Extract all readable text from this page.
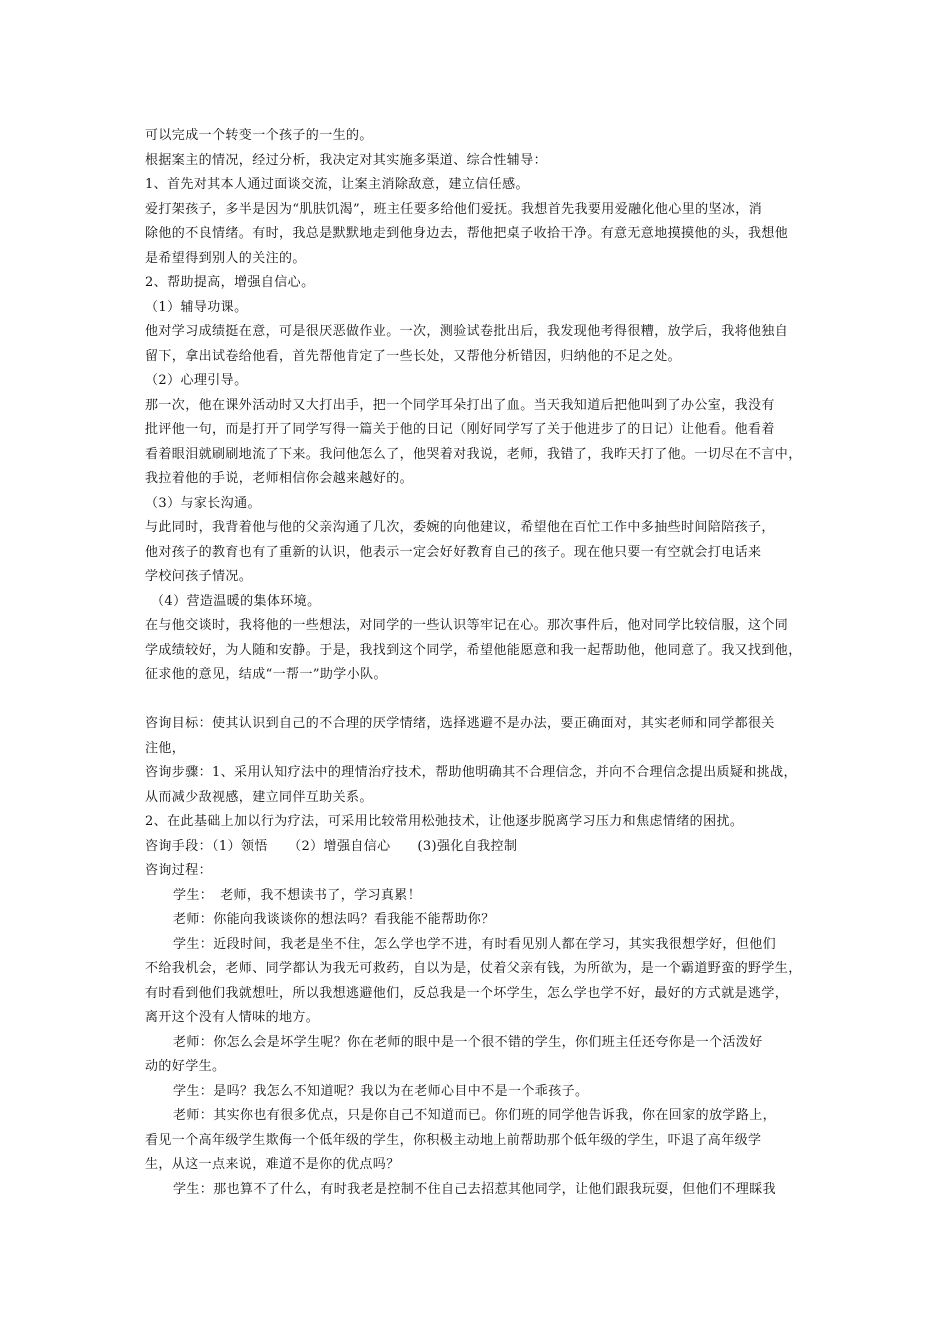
可以完成一个转变一个孩子的一生的。
根据案主的情况，经过分析，我决定对其实施多渠道、综合性辅导：
1、首先对其本人通过面谈交流，让案主消除敌意，建立信任感。
爱打架孩子，多半是因为“肌肤饥渴”，班主任要多给他们爱抚。我想首先我要用爱融化他心里的坚冰，消
除他的不良情绪。有时，我总是默默地走到他身边去，帮他把桌子收拾干净。有意无意地摸摸他的头，我想他
是希望得到别人的关注的。
2、帮助提高，增强自信心。
（1）辅导功课。
他对学习成绩挺在意，可是很厌恶做作业。一次，测验试卷批出后，我发现他考得很糟，放学后，我将他独自
留下，拿出试卷给他看，首先帮他肯定了一些长处，又帮他分析错因，归纳他的不足之处。
（2）心理引导。
那一次，他在课外活动时又大打出手，把一个同学耳朵打出了血。当天我知道后把他叫到了办公室，我没有
批评他一句，而是打开了同学写得一篇关于他的日记（刚好同学写了关于他进步了的日记）让他看。他看着
看着眼泪就刷刷地流了下来。我问他怎么了，他哭着对我说，老师，我错了，我昨天打了他。一切尽在不言中，
我拉着他的手说，老师相信你会越来越好的。
（3）与家长沟通。
与此同时，我背着他与他的父亲沟通了几次，委婉的向他建议，希望他在百忙工作中多抽些时间陪陪孩子，
他对孩子的教育也有了重新的认识，他表示一定会好好教育自己的孩子。现在他只要一有空就会打电话来
学校问孩子情况。
（4）营造温暖的集体环境。
在与他交谈时，我将他的一些想法，对同学的一些认识等牢记在心。那次事件后，他对同学比较信服，这个同
学成绩较好，为人随和安静。于是，我找到这个同学，希望他能愿意和我一起帮助他，他同意了。我又找到他，
征求他的意见，结成“一帮一”助学小队。
咨询目标：使其认识到自己的不合理的厌学情绪，选择逃避不是办法，要正确面对，其实老师和同学都很关
注他，
咨询步骤：1、采用认知疗法中的理情治疗技术，帮助他明确其不合理信念，并向不合理信念提出质疑和挑战，
从而减少敌视感，建立同伴互助关系。
2、在此基础上加以行为疗法，可采用比较常用松弛技术，让他逐步脱离学习压力和焦虑情绪的困扰。
咨询手段：（1）领悟　　（2）增强自信心　　(3)强化自我控制
咨询过程：
学生：　老师，我不想读书了，学习真累！
老师：你能向我谈谈你的想法吗？看我能不能帮助你？
学生：近段时间，我老是坐不住，怎么学也学不进，有时看见别人都在学习，其实我很想学好，但他们
不给我机会，老师、同学都认为我无可救药，自以为是，仗着父亲有钱，为所欲为，是一个霸道野蛮的野学生，
有时看到他们我就想吐，所以我想逃避他们，反总我是一个坏学生，怎么学也学不好，最好的方式就是逃学，
离开这个没有人情味的地方。
老师：你怎么会是坏学生呢？你在老师的眼中是一个很不错的学生，你们班主任还夸你是一个活泼好
动的好学生。
学生：是吗？我怎么不知道呢？我以为在老师心目中不是一个乖孩子。
老师：其实你也有很多优点，只是你自己不知道而已。你们班的同学他告诉我，你在回家的放学路上，
看见一个高年级学生欺侮一个低年级的学生，你积极主动地上前帮助那个低年级的学生，吓退了高年级学
生，从这一点来说，难道不是你的优点吗？
学生：那也算不了什么，有时我老是控制不住自己去招惹其他同学，让他们跟我玩耍，但他们不理睬我
